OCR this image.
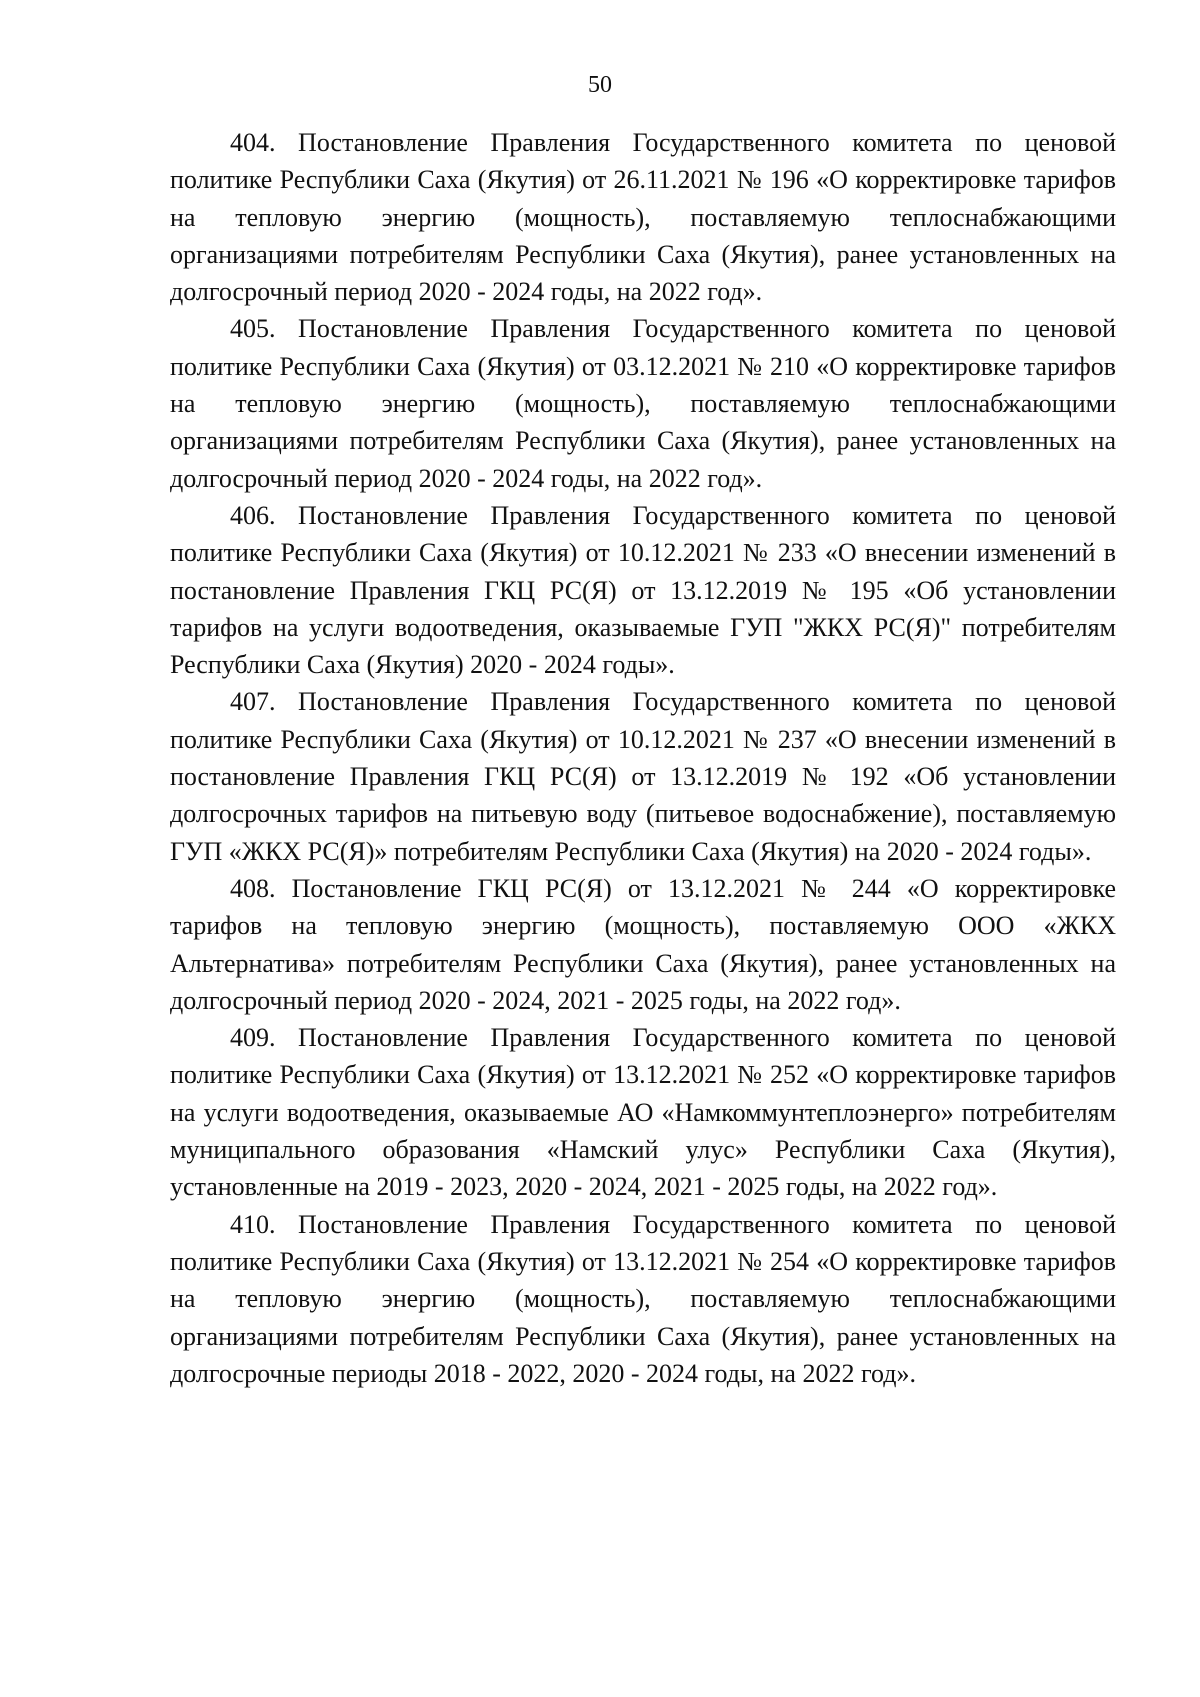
50

404. Постановление Правления Государственного комитета по ценовой политике Республики Саха (Якутия) от 26.11.2021 № 196 «О корректировке тарифов на тепловую энергию (мощность), поставляемую теплоснабжающими организациями потребителям Республики Саха (Якутия), ранее установленных на долгосрочный период 2020 - 2024 годы, на 2022 год».

405. Постановление Правления Государственного комитета по ценовой политике Республики Саха (Якутия) от 03.12.2021 № 210 «О корректировке тарифов на тепловую энергию (мощность), поставляемую теплоснабжающими организациями потребителям Республики Саха (Якутия), ранее установленных на долгосрочный период 2020 - 2024 годы, на 2022 год».

406. Постановление Правления Государственного комитета по ценовой политике Республики Саха (Якутия) от 10.12.2021 № 233 «О внесении изменений в постановление Правления ГКЦ РС(Я) от 13.12.2019 № 195 «Об установлении тарифов на услуги водоотведения, оказываемые ГУП "ЖКХ РС(Я)" потребителям Республики Саха (Якутия) 2020 - 2024 годы».

407. Постановление Правления Государственного комитета по ценовой политике Республики Саха (Якутия) от 10.12.2021 № 237 «О внесении изменений в постановление Правления ГКЦ РС(Я) от 13.12.2019 № 192 «Об установлении долгосрочных тарифов на питьевую воду (питьевое водоснабжение), поставляемую ГУП «ЖКХ РС(Я)» потребителям Республики Саха (Якутия) на 2020 - 2024 годы».

408. Постановление ГКЦ РС(Я) от 13.12.2021 № 244 «О корректировке тарифов на тепловую энергию (мощность), поставляемую ООО «ЖКХ Альтернатива» потребителям Республики Саха (Якутия), ранее установленных на долгосрочный период 2020 - 2024, 2021 - 2025 годы, на 2022 год».

409. Постановление Правления Государственного комитета по ценовой политике Республики Саха (Якутия) от 13.12.2021 № 252 «О корректировке тарифов на услуги водоотведения, оказываемые АО «Намкоммунтеплоэнерго» потребителям муниципального образования «Намский улус» Республики Саха (Якутия), установленные на 2019 - 2023, 2020 - 2024, 2021 - 2025 годы, на 2022 год».

410. Постановление Правления Государственного комитета по ценовой политике Республики Саха (Якутия) от 13.12.2021 № 254 «О корректировке тарифов на тепловую энергию (мощность), поставляемую теплоснабжающими организациями потребителям Республики Саха (Якутия), ранее установленных на долгосрочные периоды 2018 - 2022, 2020 - 2024 годы, на 2022 год».
